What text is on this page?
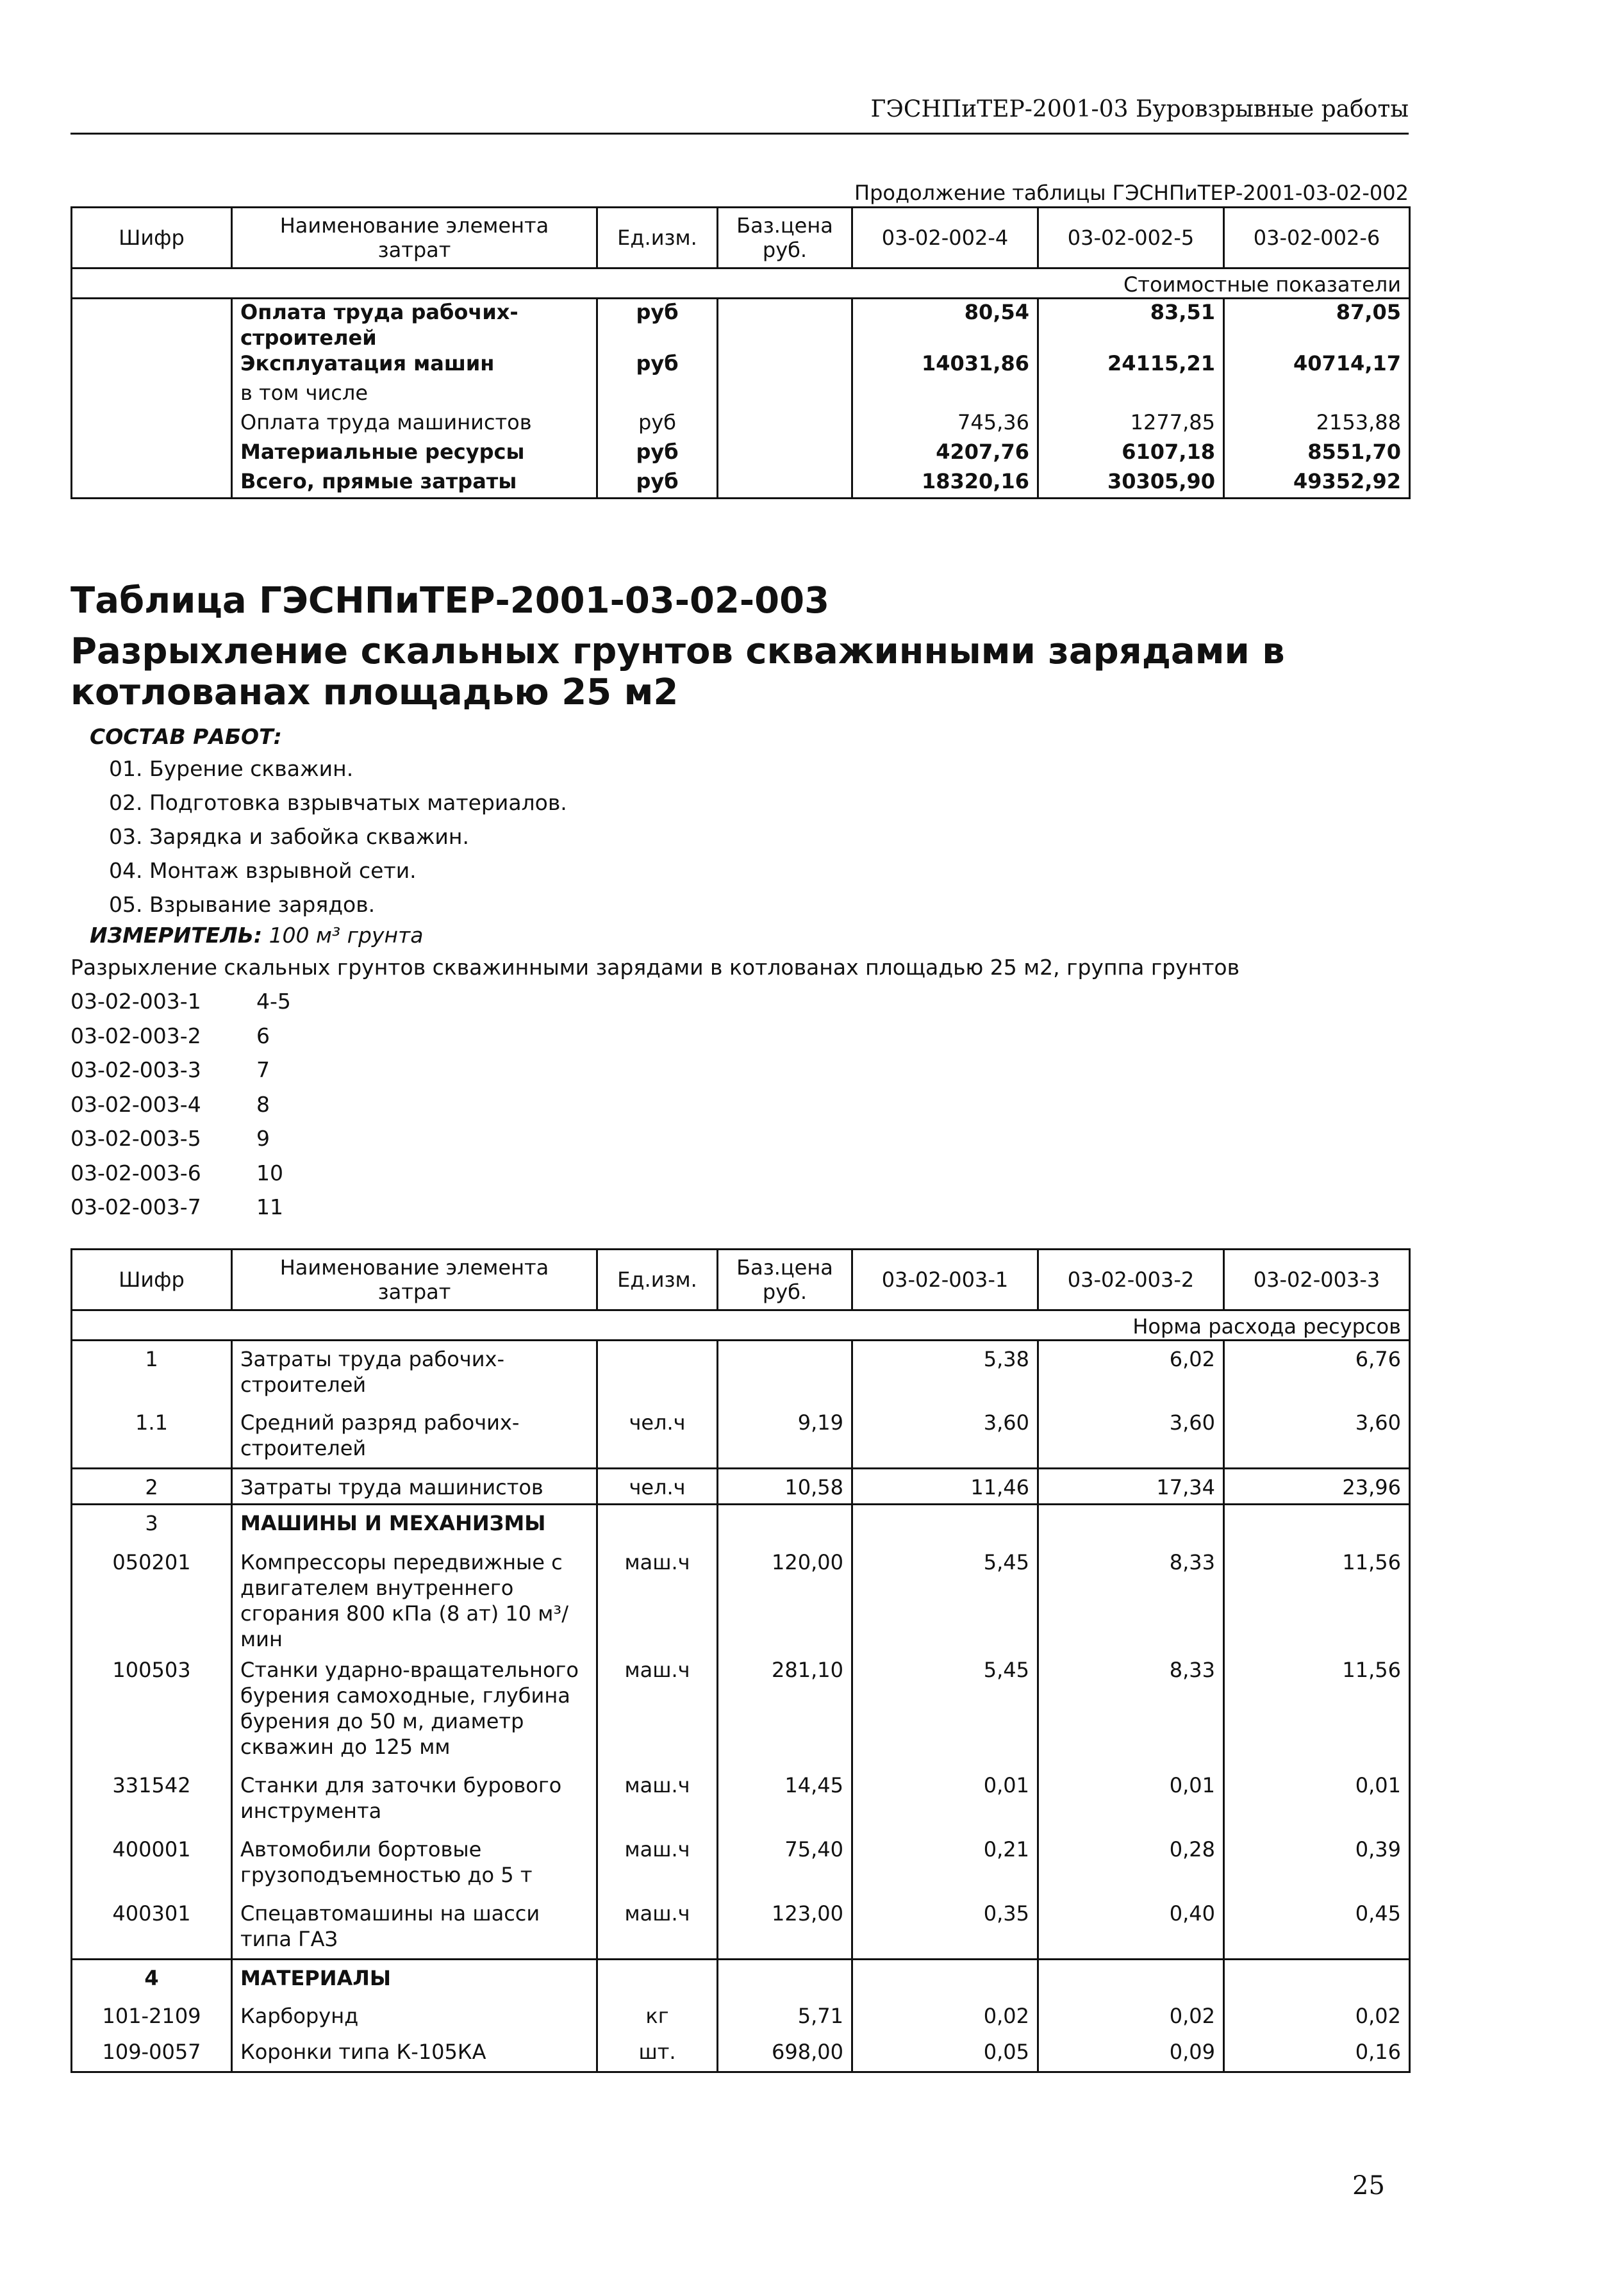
ГЭСНПиТЕР-2001-03 Буровзрывные работы
Продолжение таблицы ГЭСНПиТЕР-2001-03-02-002
Шифр	Наименование элемента затрат	Ед.изм.	Баз.цена руб.	03-02-002-4	03-02-002-5	03-02-002-6
Стоимостные показатели						
	Оплата труда рабочих-строителей	руб		80,54	83,51	87,05
	Эксплуатация машин	руб		14031,86	24115,21	40714,17
	в том числе					
	Оплата труда машинистов	руб		745,36	1277,85	2153,88
	Материальные ресурсы	руб		4207,76	6107,18	8551,70
	Всего, прямые затраты	руб		18320,16	30305,90	49352,92
Таблица ГЭСНПиТЕР-2001-03-02-003
Разрыхление скальных грунтов скважинными зарядами в котлованах площадью 25 м2
СОСТАВ РАБОТ:
01. Бурение скважин.
02. Подготовка взрывчатых материалов.
03. Зарядка и забойка скважин.
04. Монтаж взрывной сети.
05. Взрывание зарядов.
ИЗМЕРИТЕЛЬ: 100 м³ грунта
Разрыхление скальных грунтов скважинными зарядами в котлованах площадью 25 м2, группа грунтов
03-02-003-1	4-5
03-02-003-2	6
03-02-003-3	7
03-02-003-4	8
03-02-003-5	9
03-02-003-6	10
03-02-003-7	11
Шифр	Наименование элемента затрат	Ед.изм.	Баз.цена руб.	03-02-003-1	03-02-003-2	03-02-003-3
Норма расхода ресурсов						
1	Затраты труда рабочих-строителей			5,38	6,02	6,76
1.1	Средний разряд рабочих-строителей	чел.ч	9,19	3,60	3,60	3,60
2	Затраты труда машинистов	чел.ч	10,58	11,46	17,34	23,96
3	МАШИНЫ И МЕХАНИЗМЫ					
050201	Компрессоры передвижные с двигателем внутреннего сгорания 800 кПа (8 ат) 10 м³/мин	маш.ч	120,00	5,45	8,33	11,56
100503	Станки ударно-вращательного бурения самоходные, глубина бурения до 50 м, диаметр скважин до 125 мм	маш.ч	281,10	5,45	8,33	11,56
331542	Станки для заточки бурового инструмента	маш.ч	14,45	0,01	0,01	0,01
400001	Автомобили бортовые грузоподъемностью до 5 т	маш.ч	75,40	0,21	0,28	0,39
400301	Спецавтомашины на шасси типа ГАЗ	маш.ч	123,00	0,35	0,40	0,45
4	МАТЕРИАЛЫ					
101-2109	Карборунд	кг	5,71	0,02	0,02	0,02
109-0057	Коронки типа К-105КА	шт.	698,00	0,05	0,09	0,16
25
